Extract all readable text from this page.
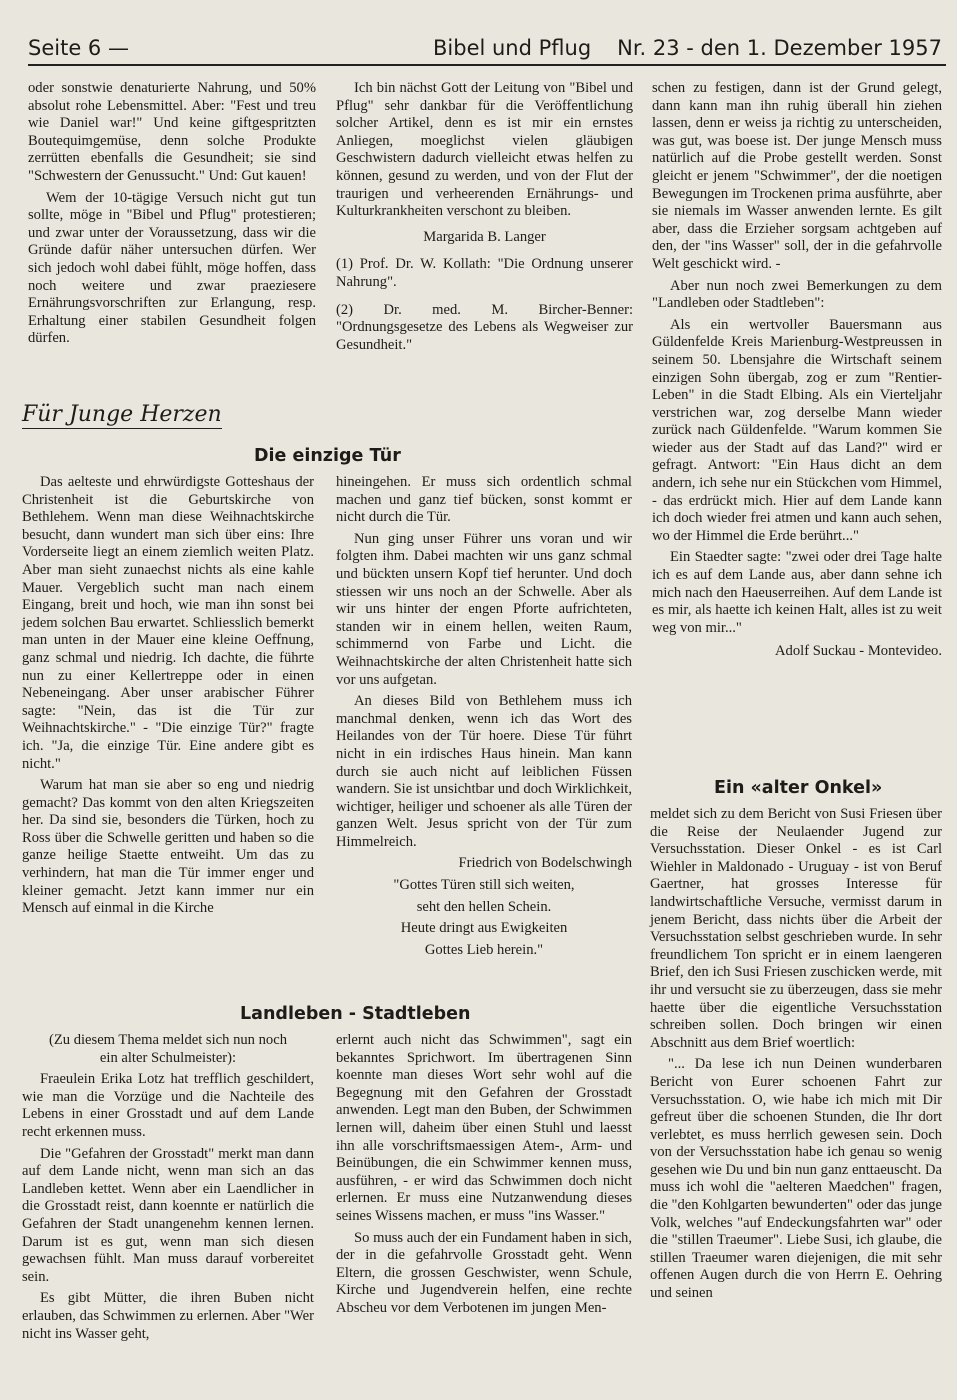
Seite 6 —	Bibel und Pflug Nr. 23 - den 1. Dezember 1957

oder sonstwie denaturierte Nahrung, und 50% absolut rohe Lebensmittel. Aber: "Fest und treu wie Daniel war!" Und keine giftgespritzten Boutequimgemüse, denn solche Produkte zerrütten ebenfalls die Gesundheit; sie sind "Schwestern der Genussucht." Und: Gut kauen!

Wem der 10-tägige Versuch nicht gut tun sollte, möge in "Bibel und Pflug" protestieren; und zwar unter der Voraussetzung, dass wir die Gründe dafür näher untersuchen dürfen. Wer sich jedoch wohl dabei fühlt, möge hoffen, dass noch weitere und zwar praeziesere Ernährungsvorschriften zur Erlangung, resp. Erhaltung einer stabilen Gesundheit folgen dürfen.

Ich bin nächst Gott der Leitung von "Bibel und Pflug" sehr dankbar für die Veröffentlichung solcher Artikel, denn es ist mir ein ernstes Anliegen, moeglichst vielen gläubigen Geschwistern dadurch vielleicht etwas helfen zu können, gesund zu werden, und von der Flut der traurigen und verheerenden Ernährungs- und Kulturkrankheiten verschont zu bleiben.

Margarida B. Langer

(1) Prof. Dr. W. Kollath: "Die Ordnung unserer Nahrung".

(2) Dr. med. M. Bircher-Benner: "Ordnungsgesetze des Lebens als Wegweiser zur Gesundheit."

schen zu festigen, dann ist der Grund gelegt, dann kann man ihn ruhig überall hin ziehen lassen, denn er weiss ja richtig zu unterscheiden, was gut, was boese ist. Der junge Mensch muss natürlich auf die Probe gestellt werden. Sonst gleicht er jenem "Schwimmer", der die noetigen Bewegungen im Trockenen prima ausführte, aber sie niemals im Wasser anwenden lernte. Es gilt aber, dass die Erzieher sorgsam achtgeben auf den, der "ins Wasser" soll, der in die gefahrvolle Welt geschickt wird. -

Aber nun noch zwei Bemerkungen zu dem "Landleben oder Stadtleben":

Als ein wertvoller Bauersmann aus Güldenfelde Kreis Marienburg-Westpreussen in seinem 50. Lbensjahre die Wirtschaft seinem einzigen Sohn übergab, zog er zum "Rentier-Leben" in die Stadt Elbing. Als ein Vierteljahr verstrichen war, zog derselbe Mann wieder zurück nach Güldenfelde. "Warum kommen Sie wieder aus der Stadt auf das Land?" wird er gefragt. Antwort: "Ein Haus dicht an dem andern, ich sehe nur ein Stückchen vom Himmel, - das erdrückt mich. Hier auf dem Lande kann ich doch wieder frei atmen und kann auch sehen, wo der Himmel die Erde berührt..."

Ein Staedter sagte: "zwei oder drei Tage halte ich es auf dem Lande aus, aber dann sehne ich mich nach den Haeuserreihen. Auf dem Lande ist es mir, als haette ich keinen Halt, alles ist zu weit weg von mir..."

Adolf Suckau - Montevideo.

Für Junge Herzen
Die einzige Tür

Das aelteste und ehrwürdigste Gotteshaus der Christenheit ist die Geburtskirche von Bethlehem. Wenn man diese Weihnachtskirche besucht, dann wundert man sich über eins: Ihre Vorderseite liegt an einem ziemlich weiten Platz. Aber man sieht zunaechst nichts als eine kahle Mauer. Vergeblich sucht man nach einem Eingang, breit und hoch, wie man ihn sonst bei jedem solchen Bau erwartet. Schliesslich bemerkt man unten in der Mauer eine kleine Oeffnung, ganz schmal und niedrig. Ich dachte, die führte nun zu einer Kellertreppe oder in einen Nebeneingang. Aber unser arabischer Führer sagte: "Nein, das ist die Tür zur Weihnachtskirche." - "Die einzige Tür?" fragte ich. "Ja, die einzige Tür. Eine andere gibt es nicht."

Warum hat man sie aber so eng und niedrig gemacht? Das kommt von den alten Kriegszeiten her. Da sind sie, besonders die Türken, hoch zu Ross über die Schwelle geritten und haben so die ganze heilige Staette entweiht. Um das zu verhindern, hat man die Tür immer enger und kleiner gemacht. Jetzt kann immer nur ein Mensch auf einmal in die Kirche

hineingehen. Er muss sich ordentlich schmal machen und ganz tief bücken, sonst kommt er nicht durch die Tür.

Nun ging unser Führer uns voran und wir folgten ihm. Dabei machten wir uns ganz schmal und bückten unsern Kopf tief herunter. Und doch stiessen wir uns noch an der Schwelle. Aber als wir uns hinter der engen Pforte aufrichteten, standen wir in einem hellen, weiten Raum, schimmernd von Farbe und Licht. die Weihnachtskirche der alten Christenheit hatte sich vor uns aufgetan.

An dieses Bild von Bethlehem muss ich manchmal denken, wenn ich das Wort des Heilandes von der Tür hoere. Diese Tür führt nicht in ein irdisches Haus hinein. Man kann durch sie auch nicht auf leiblichen Füssen wandern. Sie ist unsichtbar und doch Wirklichkeit, wichtiger, heiliger und schoener als alle Türen der ganzen Welt. Jesus spricht von der Tür zum Himmelreich.

Friedrich von Bodelschwingh

"Gottes Türen still sich weiten,

seht den hellen Schein.

Heute dringt aus Ewigkeiten

Gottes Lieb herein."

Ein «alter Onkel»

meldet sich zu dem Bericht von Susi Friesen über die Reise der Neulaender Jugend zur Versuchsstation. Dieser Onkel - es ist Carl Wiehler in Maldonado - Uruguay - ist von Beruf Gaertner, hat grosses Interesse für landwirtschaftliche Versuche, vermisst darum in jenem Bericht, dass nichts über die Arbeit der Versuchsstation selbst geschrieben wurde. In sehr freundlichem Ton spricht er in einem laengeren Brief, den ich Susi Friesen zuschicken werde, mit ihr und versucht sie zu überzeugen, dass sie mehr haette über die eigentliche Versuchsstation schreiben sollen. Doch bringen wir einen Abschnitt aus dem Brief woertlich:

"... Da lese ich nun Deinen wunderbaren Bericht von Eurer schoenen Fahrt zur Versuchsstation. O, wie habe ich mich mit Dir gefreut über die schoenen Stunden, die Ihr dort verlebtet, es muss herrlich gewesen sein. Doch von der Versuchsstation habe ich genau so wenig gesehen wie Du und bin nun ganz enttaeuscht. Da muss ich wohl die "aelteren Maedchen" fragen, die "den Kohlgarten bewunderten" oder das junge Volk, welches "auf Endeckungsfahrten war" oder die "stillen Traeumer". Liebe Susi, ich glaube, die stillen Traeumer waren diejenigen, die mit sehr offenen Augen durch die von Herrn E. Oehring und seinen

Landleben - Stadtleben

(Zu diesem Thema meldet sich nun noch ein alter Schulmeister):

Fraeulein Erika Lotz hat trefflich geschildert, wie man die Vorzüge und die Nachteile des Lebens in einer Grosstadt und auf dem Lande recht erkennen muss.

Die "Gefahren der Grosstadt" merkt man dann auf dem Lande nicht, wenn man sich an das Landleben kettet. Wenn aber ein Laendlicher in die Grosstadt reist, dann koennte er natürlich die Gefahren der Stadt unangenehm kennen lernen. Darum ist es gut, wenn man sich diesen gewachsen fühlt. Man muss darauf vorbereitet sein.

Es gibt Mütter, die ihren Buben nicht erlauben, das Schwimmen zu erlernen. Aber "Wer nicht ins Wasser geht,

erlernt auch nicht das Schwimmen", sagt ein bekanntes Sprichwort. Im übertragenen Sinn koennte man dieses Wort sehr wohl auf die Begegnung mit den Gefahren der Grosstadt anwenden. Legt man den Buben, der Schwimmen lernen will, daheim über einen Stuhl und laesst ihn alle vorschriftsmaessigen Atem-, Arm- und Beinübungen, die ein Schwimmer kennen muss, ausführen, - er wird das Schwimmen doch nicht erlernen. Er muss eine Nutzanwendung dieses seines Wissens machen, er muss "ins Wasser."

So muss auch der ein Fundament haben in sich, der in die gefahrvolle Grosstadt geht. Wenn Eltern, die grossen Geschwister, wenn Schule, Kirche und Jugendverein helfen, eine rechte Abscheu vor dem Verbotenen im jungen Men-
